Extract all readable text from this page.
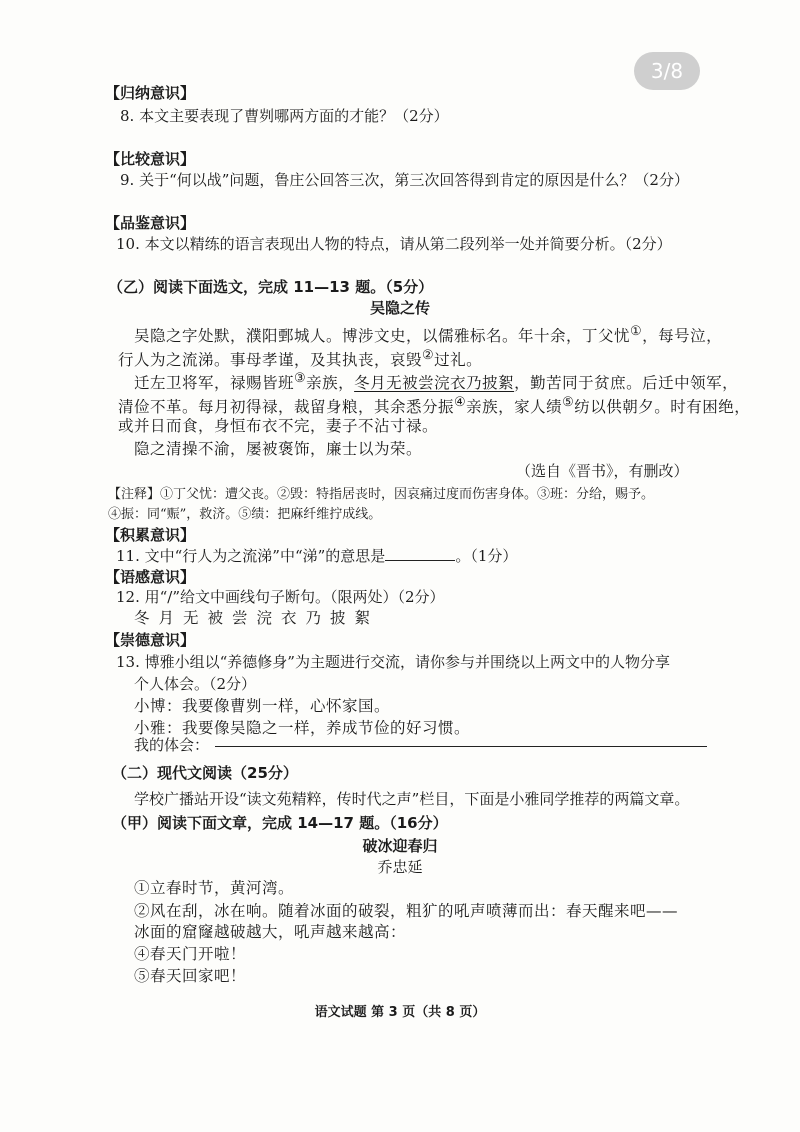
3/8
【归纳意识】
8. 本文主要表现了曹刿哪两方面的才能？（2分）
【比较意识】
9. 关于“何以战”问题，鲁庄公回答三次，第三次回答得到肯定的原因是什么？（2分）
【品鉴意识】
10. 本文以精练的语言表现出人物的特点，请从第二段列举一处并简要分析。（2分）
（乙）阅读下面选文，完成 11—13 题。（5分）
吴隐之传
吴隐之字处默，濮阳鄄城人。博涉文史，以儒雅标名。年十余，丁父忧①，每号泣，
行人为之流涕。事母孝谨，及其执丧，哀毁②过礼。
迁左卫将军，禄赐皆班③亲族，冬月无被尝浣衣乃披絮，勤苦同于贫庶。后迁中领军，
清俭不革。每月初得禄，裁留身粮，其余悉分振④亲族，家人绩⑤纺以供朝夕。时有困绝，
或并日而食，身恒布衣不完，妻子不沾寸禄。
隐之清操不渝，屡被褒饰，廉士以为荣。
（选自《晋书》，有删改）
【注释】①丁父忧：遭父丧。②毁：特指居丧时，因哀痛过度而伤害身体。③班：分给，赐予。
④振：同“赈”，救济。⑤绩：把麻纤维拧成线。
【积累意识】
11. 文中“行人为之流涕”中“涕”的意思是	。（1分）
【语感意识】
12. 用“/”给文中画线句子断句。（限两处）（2分）
冬月无被尝浣衣乃披絮
【崇德意识】
13. 博雅小组以“养德修身”为主题进行交流，请你参与并围绕以上两文中的人物分享
个人体会。（2分）
小博：我要像曹刿一样，心怀家国。
小雅：我要像吴隐之一样，养成节俭的好习惯。
我的体会：
（二）现代文阅读（25分）
学校广播站开设“读文苑精粹，传时代之声”栏目，下面是小雅同学推荐的两篇文章。
（甲）阅读下面文章，完成 14—17 题。（16分）
破冰迎春归
乔忠延
①立春时节，黄河湾。
②风在刮，冰在响。随着冰面的破裂，粗犷的吼声喷薄而出：春天醒来吧——
冰面的窟窿越破越大，吼声越来越高：
④春天门开啦！
⑤春天回家吧！
语文试题 第 3 页（共 8 页）
